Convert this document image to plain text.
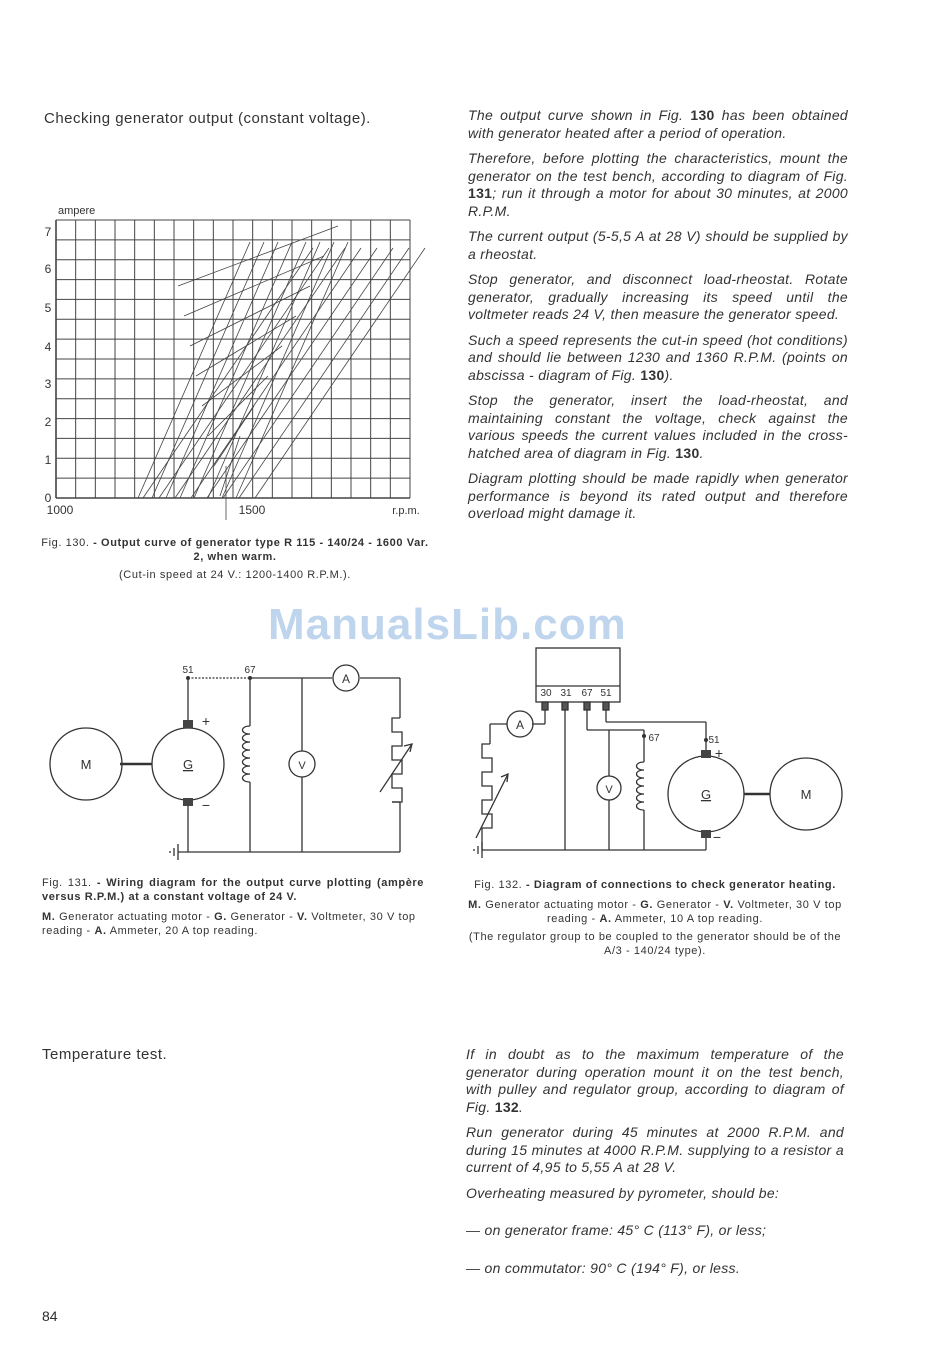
Checking generator output (constant voltage).	The output curve shown in Fig. 130 has been obtained with generator heated after a period of operation.

Therefore, before plotting the characteristics, mount the generator on the test bench, according to diagram of Fig. 131; run it through a motor for about 30 minutes, at 2000 R.P.M.

The current output (5-5,5 A at 28 V) should be supplied by a rheostat.

Stop generator, and disconnect load-rheostat. Rotate generator, gradually increasing its speed until the voltmeter reads 24 V, then measure the generator speed.

Such a speed represents the cut-in speed (hot conditions) and should lie between 1230 and 1360 R.P.M. (points on abscissa - diagram of Fig. 130).

Stop the generator, insert the load-rheostat, and maintaining constant the voltage, check against the various speeds the current values included in the cross-hatched area of diagram in Fig. 130.

Diagram plotting should be made rapidly when generator performance is beyond its rated output and therefore overload might damage it.

ampere
7
6
5
4
3
2
1
0
1000	1500	r.p.m.
Fig. 130. - Output curve of generator type R 115 - 140/24 - 1600 Var. 2, when warm.
(Cut-in speed at 24 V.: 1200-1400 R.P.M.).
ManualsLib.com
51	67
A
V
M	G
+
−
Fig. 131. - Wiring diagram for the output curve plotting (ampère versus R.P.M.) at a constant voltage of 24 V.
M. Generator actuating motor - G. Generator - V. Voltmeter, 30 V top reading - A. Ammeter, 20 A top reading.
30 31 67 51
67	51
A
V	G	M
+
−
Fig. 132. - Diagram of connections to check generator heating.
M. Generator actuating motor - G. Generator - V. Voltmeter, 30 V top reading - A. Ammeter, 10 A top reading.
(The regulator group to be coupled to the generator should be of the A/3 - 140/24 type).
Temperature test.	If in doubt as to the maximum temperature of the generator during operation mount it on the test bench, with pulley and regulator group, according to diagram of Fig. 132.

Run generator during 45 minutes at 2000 R.P.M. and during 15 minutes at 4000 R.P.M. supplying to a resistor a current of 4,95 to 5,55 A at 28 V.

Overheating measured by pyrometer, should be:

— on generator frame: 45° C (113° F), or less;

— on commutator: 90° C (194° F), or less.

84
